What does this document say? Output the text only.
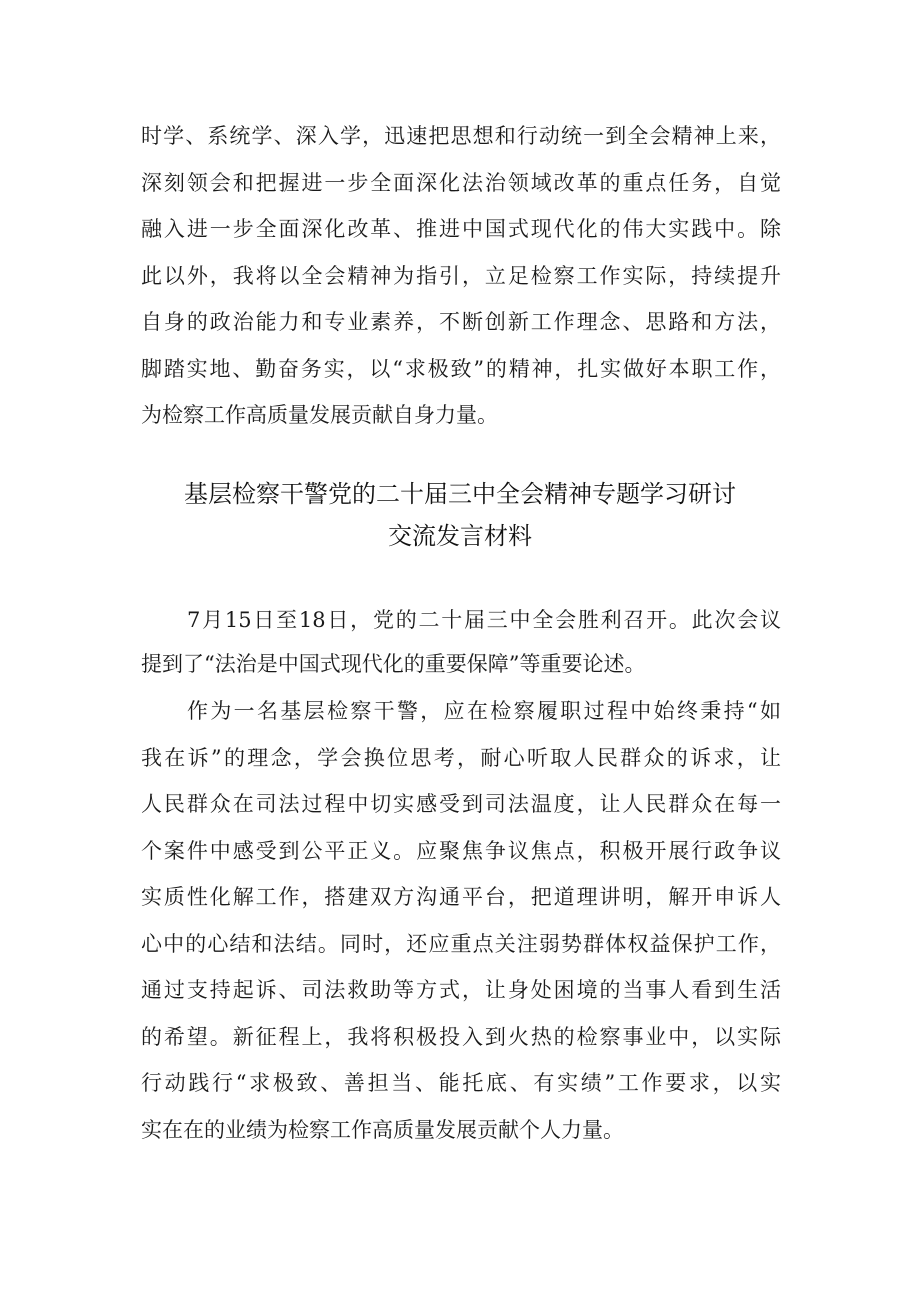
时学、系统学、深入学，迅速把思想和行动统一到全会精神上来，

深刻领会和把握进一步全面深化法治领域改革的重点任务，自觉

融入进一步全面深化改革、推进中国式现代化的伟大实践中。除

此以外，我将以全会精神为指引，立足检察工作实际，持续提升

自身的政治能力和专业素养，不断创新工作理念、思路和方法，

脚踏实地、勤奋务实，以“求极致”的精神，扎实做好本职工作，

为检察工作高质量发展贡献自身力量。

基层检察干警党的二十届三中全会精神专题学习研讨
交流发言材料

7月15日至18日，党的二十届三中全会胜利召开。此次会议

提到了“法治是中国式现代化的重要保障”等重要论述。

作为一名基层检察干警，应在检察履职过程中始终秉持“如

我在诉”的理念，学会换位思考，耐心听取人民群众的诉求，让

人民群众在司法过程中切实感受到司法温度，让人民群众在每一

个案件中感受到公平正义。应聚焦争议焦点，积极开展行政争议

实质性化解工作，搭建双方沟通平台，把道理讲明，解开申诉人

心中的心结和法结。同时，还应重点关注弱势群体权益保护工作，

通过支持起诉、司法救助等方式，让身处困境的当事人看到生活

的希望。新征程上，我将积极投入到火热的检察事业中，以实际

行动践行“求极致、善担当、能托底、有实绩”工作要求，以实

实在在的业绩为检察工作高质量发展贡献个人力量。
